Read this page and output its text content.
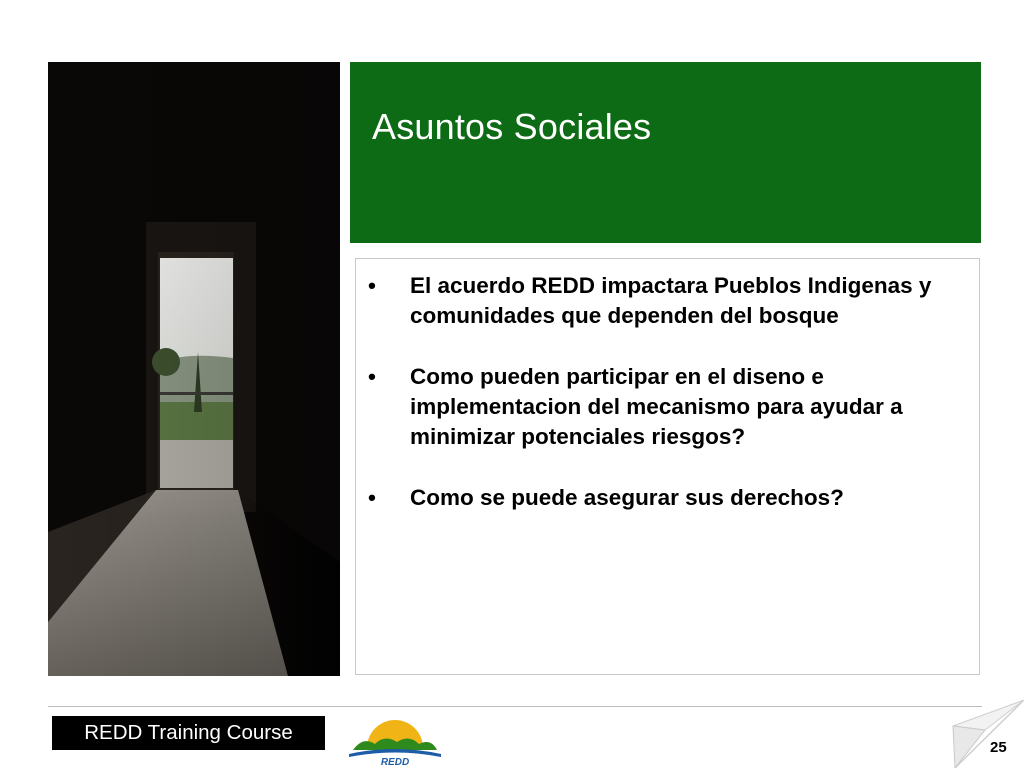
Asuntos Sociales
• El acuerdo REDD impactara Pueblos Indigenas y comunidades que dependen del bosque
• Como pueden participar en el diseno e implementacion del mecanismo para ayudar a minimizar potenciales riesgos?
• Como se puede asegurar sus derechos?
REDD Training Course
REDD
25
